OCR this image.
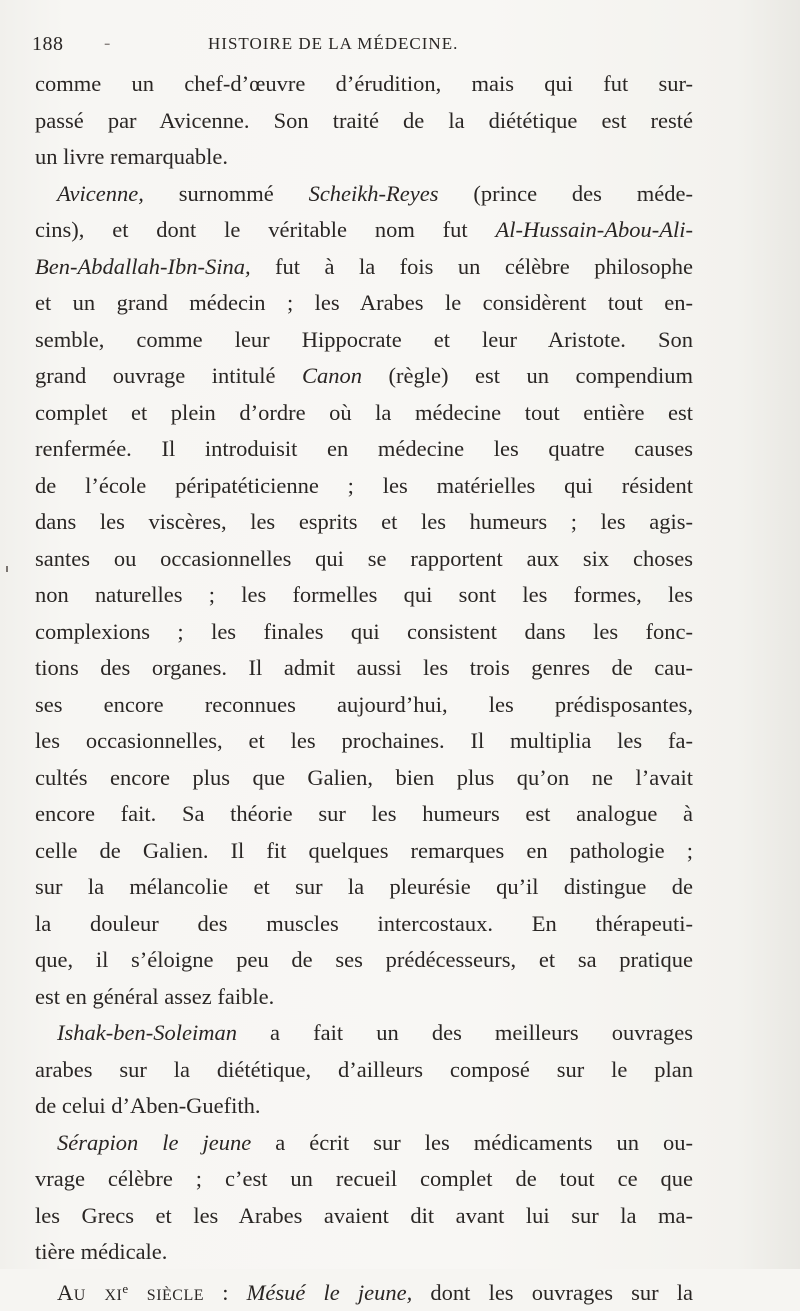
188 -	HISTOIRE DE LA MÉDECINE.
comme un chef-d’œuvre d’érudition, mais qui fut sur-
passé par Avicenne. Son traité de la diététique est resté
un livre remarquable.
Avicenne, surnommé Scheikh-Reyes (prince des méde-
cins), et dont le véritable nom fut Al-Hussain-Abou-Ali-
Ben-Abdallah-Ibn-Sina, fut à la fois un célèbre philosophe
et un grand médecin ; les Arabes le considèrent tout en-
semble, comme leur Hippocrate et leur Aristote. Son
grand ouvrage intitulé Canon (règle) est un compendium
complet et plein d’ordre où la médecine tout entière est
renfermée. Il introduisit en médecine les quatre causes
de l’école péripatéticienne ; les matérielles qui résident
dans les viscères, les esprits et les humeurs ; les agis-
santes ou occasionnelles qui se rapportent aux six choses
non naturelles ; les formelles qui sont les formes, les
complexions ; les finales qui consistent dans les fonc-
tions des organes. Il admit aussi les trois genres de cau-
ses encore reconnues aujourd’hui, les prédisposantes,
les occasionnelles, et les prochaines. Il multiplia les fa-
cultés encore plus que Galien, bien plus qu’on ne l’avait
encore fait. Sa théorie sur les humeurs est analogue à
celle de Galien. Il fit quelques remarques en pathologie ;
sur la mélancolie et sur la pleurésie qu’il distingue de
la douleur des muscles intercostaux. En thérapeuti-
que, il s’éloigne peu de ses prédécesseurs, et sa pratique
est en général assez faible.
Ishak-ben-Soleiman a fait un des meilleurs ouvrages
arabes sur la diététique, d’ailleurs composé sur le plan
de celui d’Aben-Guefith.
Sérapion le jeune a écrit sur les médicaments un ou-
vrage célèbre ; c’est un recueil complet de tout ce que
les Grecs et les Arabes avaient dit avant lui sur la ma-
tière médicale.
Au $xi^e$ siècle : Mésué le jeune, dont les ouvrages sur la
